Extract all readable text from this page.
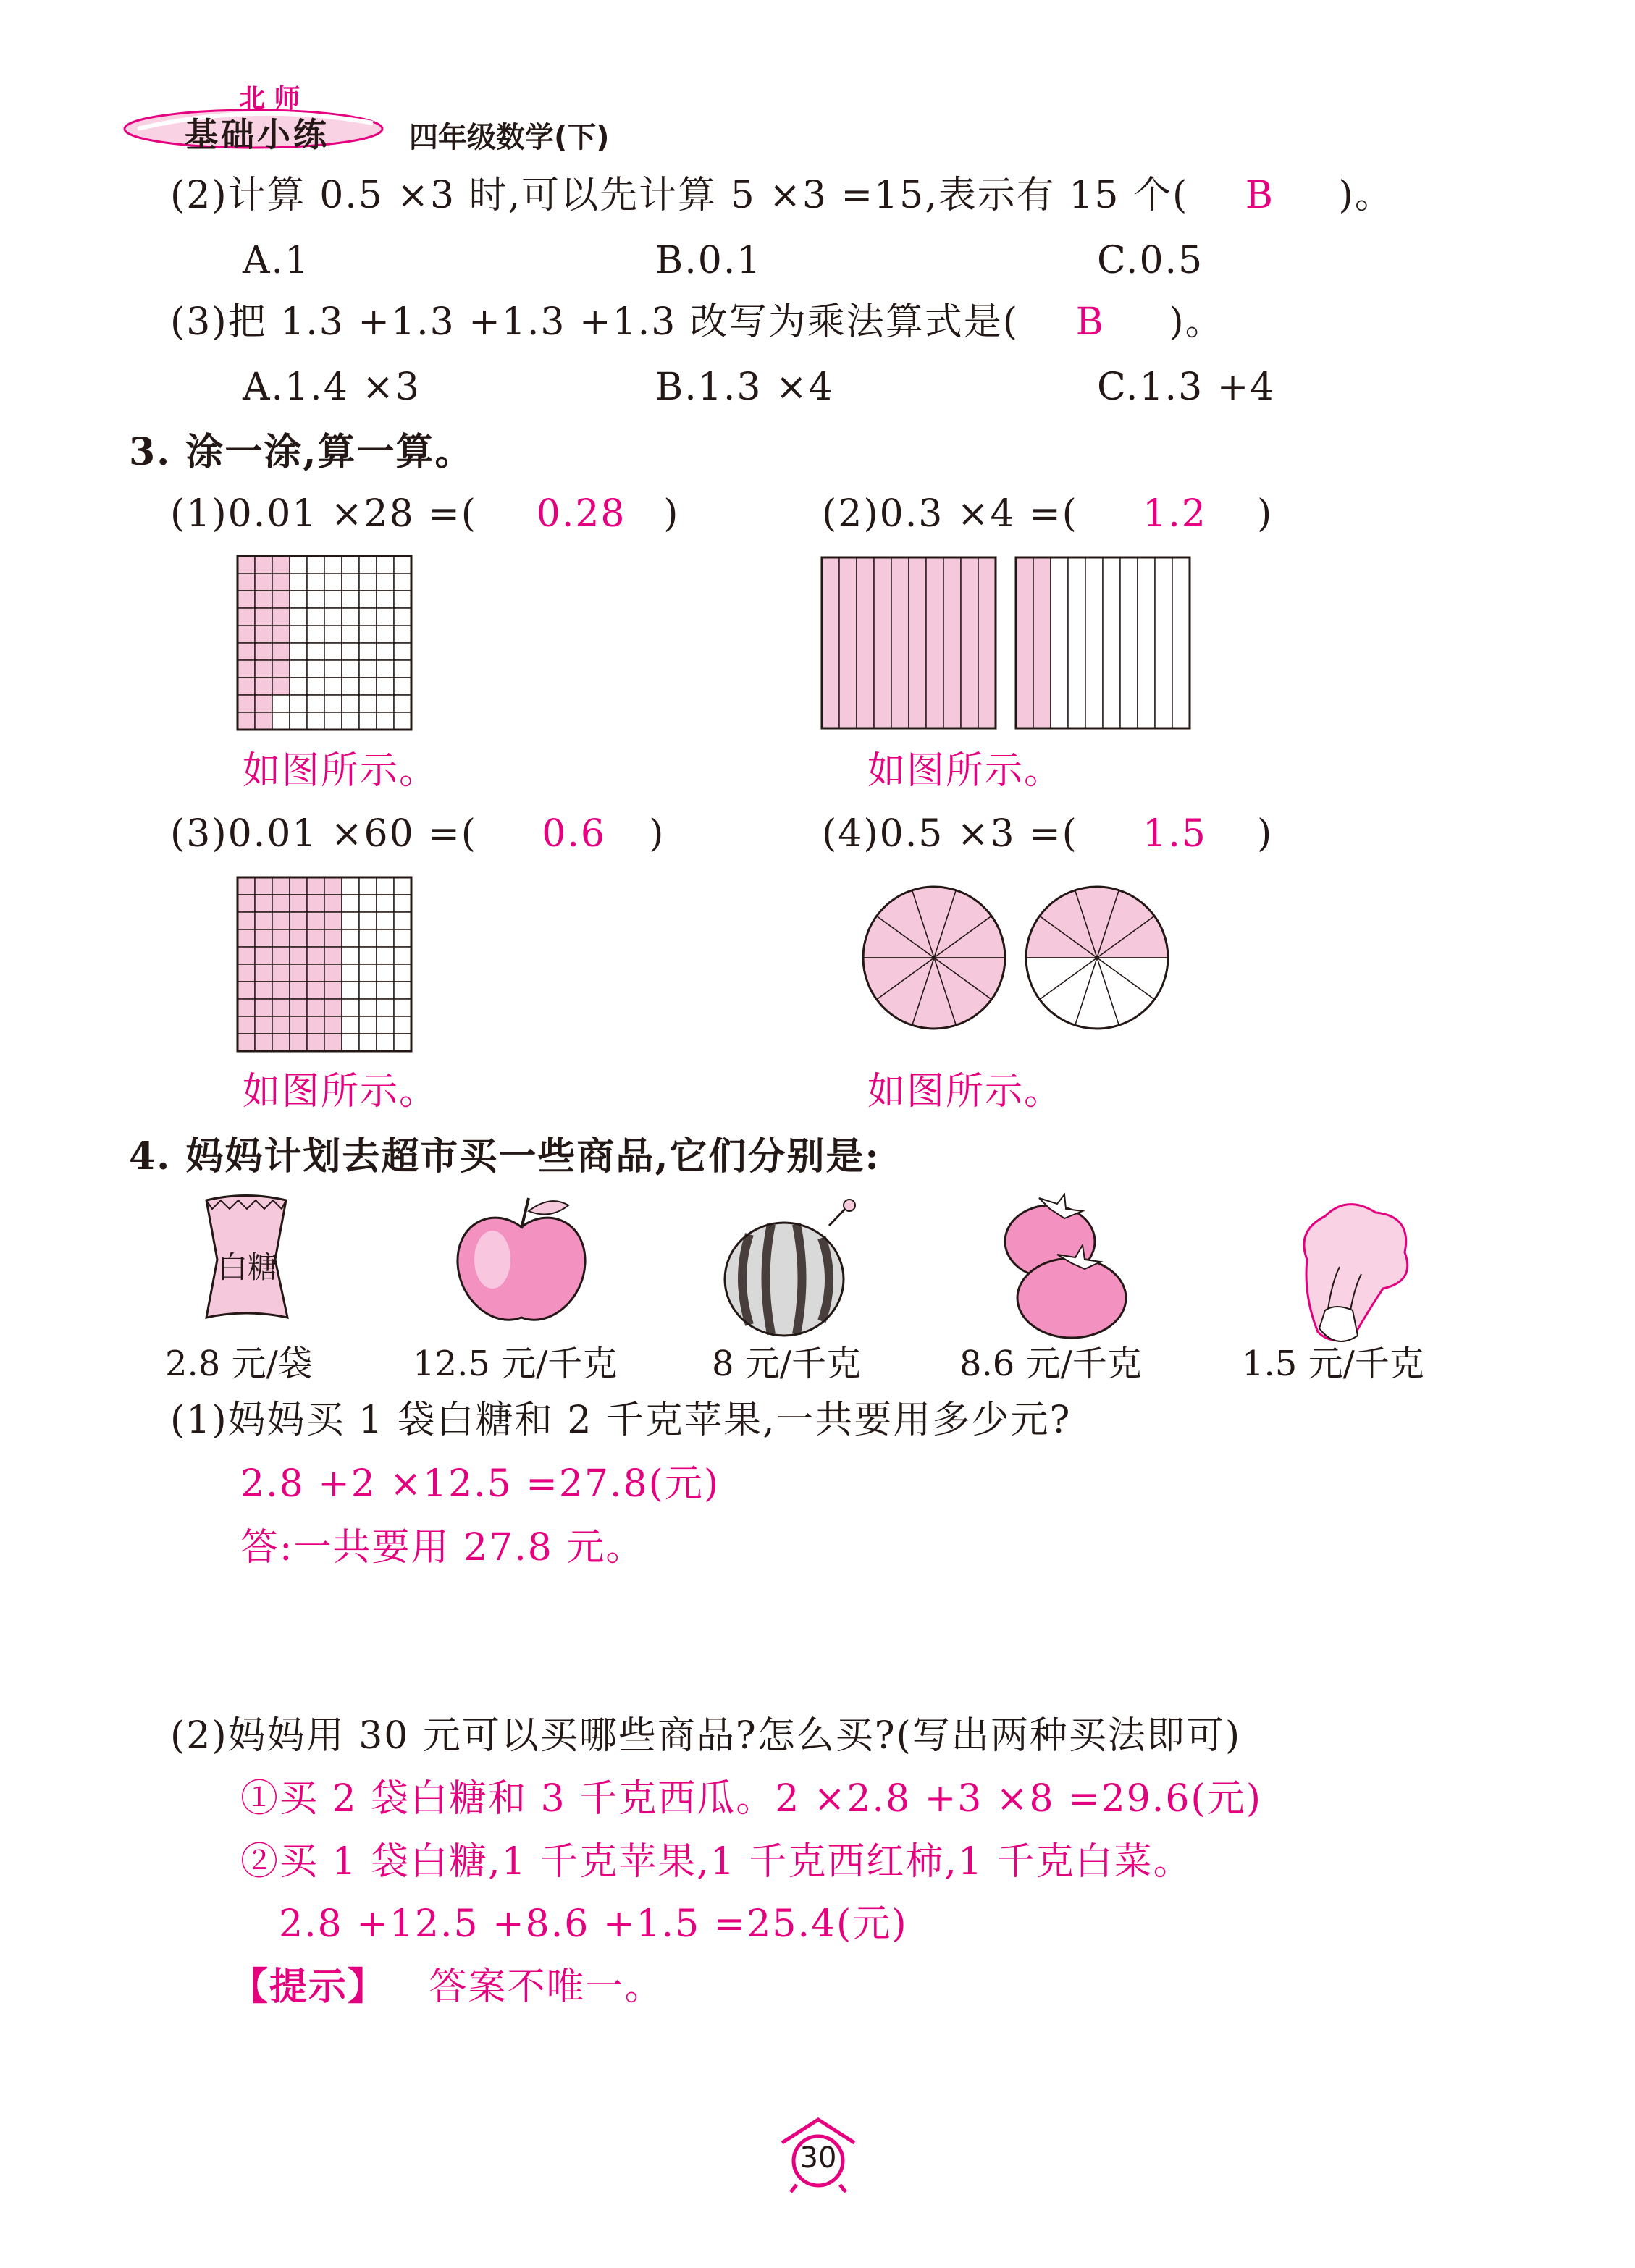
北 师
基础小练	四年级数学(下)
(2)计算 0.5 ×3 时,可以先计算 5 ×3 =15,表示有 15 个( B )。
A.1	B.0.1	C.0.5
(3)把 1.3 +1.3 +1.3 +1.3 改写为乘法算式是( B )。
A.1.4 ×3	B.1.3 ×4	C.1.3 +4
3. 涂一涂,算一算。
(1)0.01 ×28 =( 0.28 )	(2)0.3 ×4 =( 1.2 )
如图所示。	如图所示。
(3)0.01 ×60 =( 0.6 )	(4)0.5 ×3 =( 1.5 )
如图所示。	如图所示。
4. 妈妈计划去超市买一些商品,它们分别是:
白糖
2.8 元/袋	12.5 元/千克	8 元/千克	8.6 元/千克	1.5 元/千克
(1)妈妈买 1 袋白糖和 2 千克苹果,一共要用多少元?
2.8 +2 ×12.5 =27.8(元)
答:一共要用 27.8 元。
(2)妈妈用 30 元可以买哪些商品?怎么买?(写出两种买法即可)
①买 2 袋白糖和 3 千克西瓜。2 ×2.8 +3 ×8 =29.6(元)
②买 1 袋白糖,1 千克苹果,1 千克西红柿,1 千克白菜。
2.8 +12.5 +8.6 +1.5 =25.4(元)
【提示】 答案不唯一。
30
